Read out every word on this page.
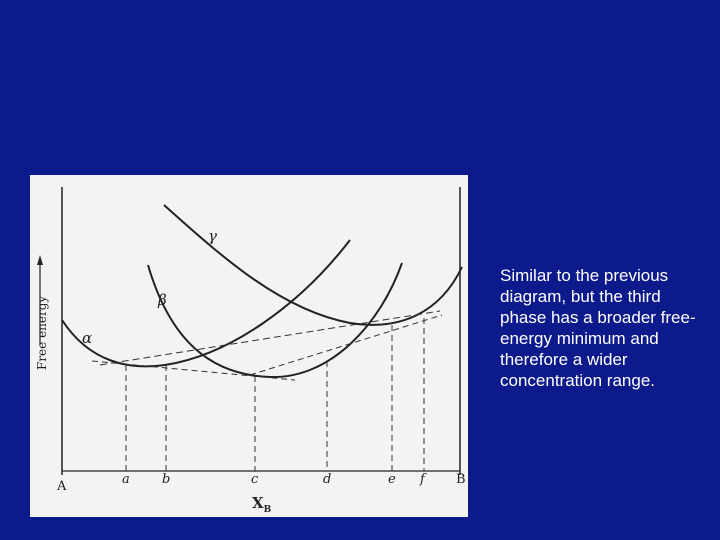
Free energy α
β
γ
A	B
a b	c	d	e f
$X_B$

Similar to the previous diagram, but the third phase has a broader free-energy minimum and therefore a wider concentration range.
